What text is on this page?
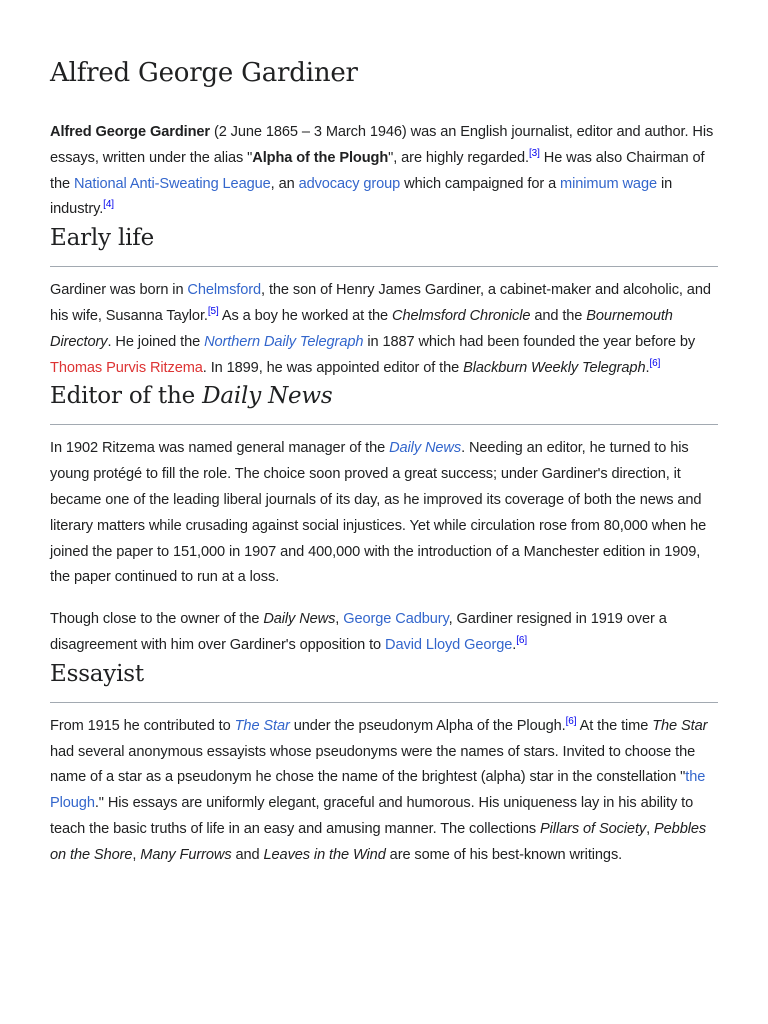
Alfred George Gardiner

Alfred George Gardiner (2 June 1865 – 3 March 1946) was an English journalist, editor and author. His essays, written under the alias "Alpha of the Plough", are highly regarded.[3] He was also Chairman of the National Anti-Sweating League, an advocacy group which campaigned for a minimum wage in industry.[4]

Early life

Gardiner was born in Chelmsford, the son of Henry James Gardiner, a cabinet-maker and alcoholic, and his wife, Susanna Taylor.[5] As a boy he worked at the Chelmsford Chronicle and the Bournemouth Directory. He joined the Northern Daily Telegraph in 1887 which had been founded the year before by Thomas Purvis Ritzema. In 1899, he was appointed editor of the Blackburn Weekly Telegraph.[6]

Editor of the Daily News

In 1902 Ritzema was named general manager of the Daily News. Needing an editor, he turned to his young protégé to fill the role. The choice soon proved a great success; under Gardiner's direction, it became one of the leading liberal journals of its day, as he improved its coverage of both the news and literary matters while crusading against social injustices. Yet while circulation rose from 80,000 when he joined the paper to 151,000 in 1907 and 400,000 with the introduction of a Manchester edition in 1909, the paper continued to run at a loss.

Though close to the owner of the Daily News, George Cadbury, Gardiner resigned in 1919 over a disagreement with him over Gardiner's opposition to David Lloyd George.[6]

Essayist

From 1915 he contributed to The Star under the pseudonym Alpha of the Plough.[6] At the time The Star had several anonymous essayists whose pseudonyms were the names of stars. Invited to choose the name of a star as a pseudonym he chose the name of the brightest (alpha) star in the constellation "the Plough." His essays are uniformly elegant, graceful and humorous. His uniqueness lay in his ability to teach the basic truths of life in an easy and amusing manner. The collections Pillars of Society, Pebbles on the Shore, Many Furrows and Leaves in the Wind are some of his best-known writings.
